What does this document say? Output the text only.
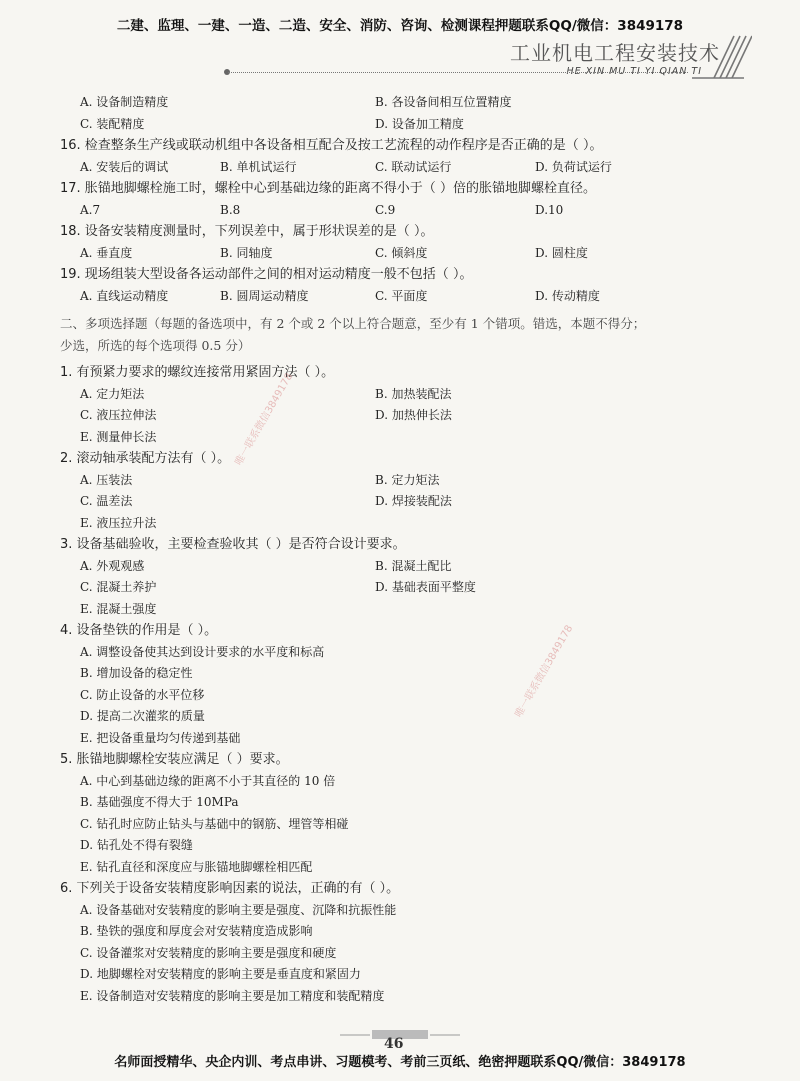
二建、监理、一建、一造、二造、安全、消防、咨询、检测课程押题联系QQ/微信：3849178
工业机电工程安装技术
HE XIN MU TI YI QIAN TI
A. 设备制造精度	B. 各设备间相互位置精度
C. 装配精度	D. 设备加工精度
16. 检查整条生产线或联动机组中各设备相互配合及按工艺流程的动作程序是否正确的是（ ）。
A. 安装后的调试	B. 单机试运行	C. 联动试运行	D. 负荷试运行
17. 胀锚地脚螺栓施工时，螺栓中心到基础边缘的距离不得小于（ ）倍的胀锚地脚螺栓直径。
A.7	B.8	C.9	D.10
18. 设备安装精度测量时，下列误差中，属于形状误差的是（ ）。
A. 垂直度	B. 同轴度	C. 倾斜度	D. 圆柱度
19. 现场组装大型设备各运动部件之间的相对运动精度一般不包括（ ）。
A. 直线运动精度	B. 圆周运动精度	C. 平面度	D. 传动精度
二、多项选择题（每题的备选项中，有 2 个或 2 个以上符合题意，至少有 1 个错项。错选，本题不得分；
少选，所选的每个选项得 0.5 分）
1. 有预紧力要求的螺纹连接常用紧固方法（ ）。
A. 定力矩法	B. 加热装配法
C. 液压拉伸法	D. 加热伸长法
E. 测量伸长法
2. 滚动轴承装配方法有（ ）。
A. 压装法	B. 定力矩法
C. 温差法	D. 焊接装配法
E. 液压拉升法
3. 设备基础验收，主要检查验收其（ ）是否符合设计要求。
A. 外观观感	B. 混凝土配比
C. 混凝土养护	D. 基础表面平整度
E. 混凝土强度
4. 设备垫铁的作用是（ ）。
A. 调整设备使其达到设计要求的水平度和标高
B. 增加设备的稳定性
C. 防止设备的水平位移
D. 提高二次灌浆的质量
E. 把设备重量均匀传递到基础
5. 胀锚地脚螺栓安装应满足（ ）要求。
A. 中心到基础边缘的距离不小于其直径的 10 倍
B. 基础强度不得大于 10MPa
C. 钻孔时应防止钻头与基础中的钢筋、埋管等相碰
D. 钻孔处不得有裂缝
E. 钻孔直径和深度应与胀锚地脚螺栓相匹配
6. 下列关于设备安装精度影响因素的说法，正确的有（ ）。
A. 设备基础对安装精度的影响主要是强度、沉降和抗振性能
B. 垫铁的强度和厚度会对安装精度造成影响
C. 设备灌浆对安装精度的影响主要是强度和硬度
D. 地脚螺栓对安装精度的影响主要是垂直度和紧固力
E. 设备制造对安装精度的影响主要是加工精度和装配精度
唯一联系微信3849178
唯一联系微信3849178
46
名师面授精华、央企内训、考点串讲、习题模考、考前三页纸、绝密押题联系QQ/微信：3849178
